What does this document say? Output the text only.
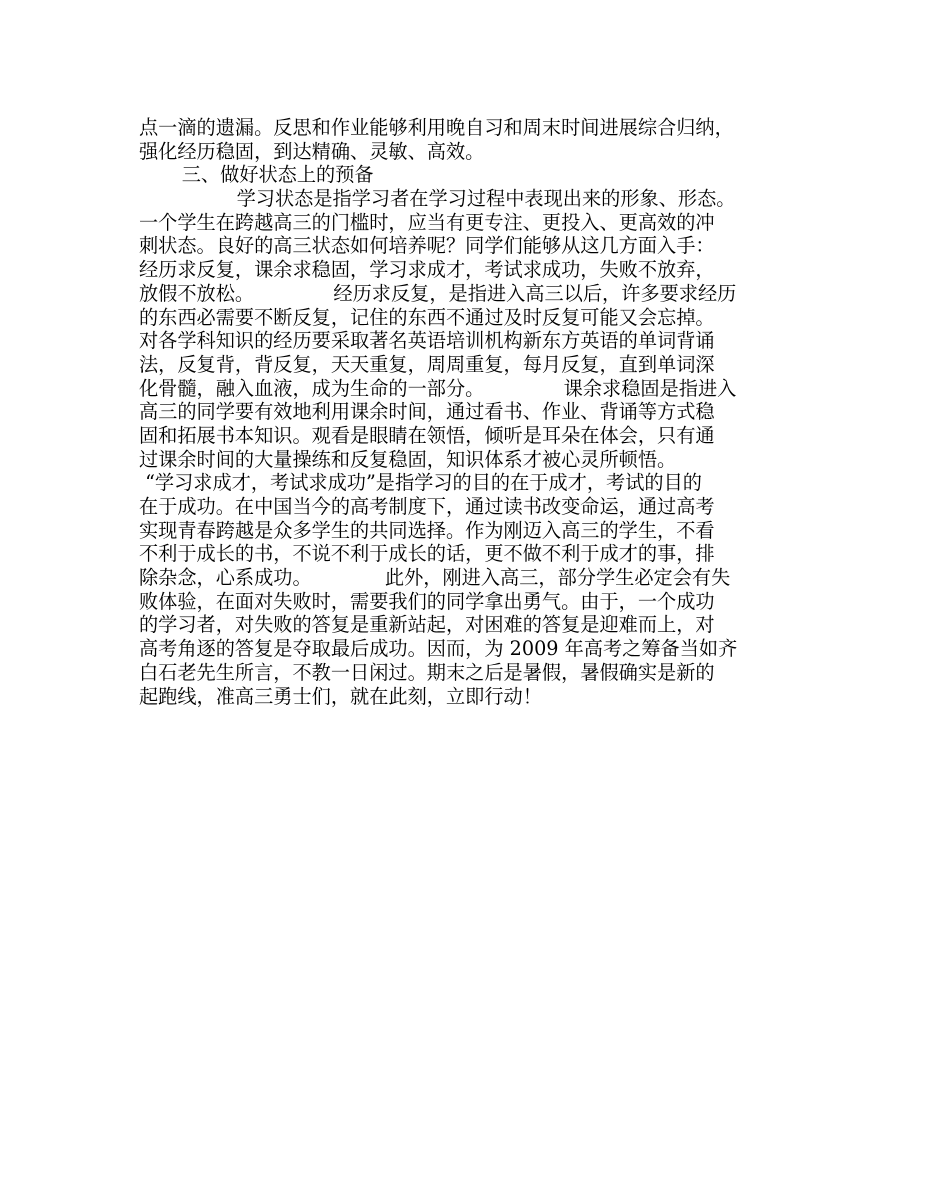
点一滴的遗漏。反思和作业能够利用晚自习和周末时间进展综合归纳，
强化经历稳固，到达精确、灵敏、高效。
三、做好状态上的预备
学习状态是指学习者在学习过程中表现出来的形象、形态。
一个学生在跨越高三的门槛时，应当有更专注、更投入、更高效的冲
刺状态。良好的高三状态如何培养呢？同学们能够从这几方面入手：
经历求反复，课余求稳固，学习求成才，考试求成功，失败不放弃，
放假不放松。             经历求反复，是指进入高三以后，许多要求经历
的东西必需要不断反复，记住的东西不通过及时反复可能又会忘掉。
对各学科知识的经历要采取著名英语培训机构新东方英语的单词背诵
法，反复背，背反复，天天重复，周周重复，每月反复，直到单词深
化骨髓，融入血液，成为生命的一部分。             课余求稳固是指进入
高三的同学要有效地利用课余时间，通过看书、作业、背诵等方式稳
固和拓展书本知识。观看是眼睛在领悟，倾听是耳朵在体会，只有通
过课余时间的大量操练和反复稳固，知识体系才被心灵所顿悟。
“学习求成才，考试求成功”是指学习的目的在于成才，考试的目的
在于成功。在中国当今的高考制度下，通过读书改变命运，通过高考
实现青春跨越是众多学生的共同选择。作为刚迈入高三的学生，不看
不利于成长的书，不说不利于成长的话，更不做不利于成才的事，排
除杂念，心系成功。            此外，刚进入高三，部分学生必定会有失
败体验，在面对失败时，需要我们的同学拿出勇气。由于，一个成功
的学习者，对失败的答复是重新站起，对困难的答复是迎难而上，对
高考角逐的答复是夺取最后成功。因而，为 2009 年高考之筹备当如齐
白石老先生所言，不教一日闲过。期末之后是暑假，暑假确实是新的
起跑线，准高三勇士们，就在此刻，立即行动！
